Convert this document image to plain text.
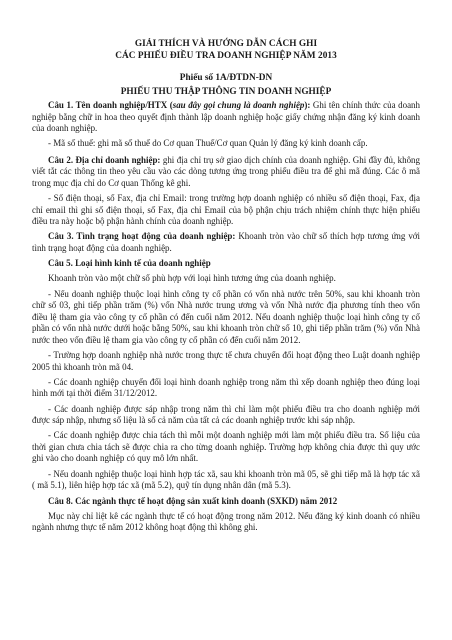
GIẢI THÍCH VÀ HƯỚNG DẪN CÁCH GHI
CÁC PHIẾU ĐIỀU TRA DOANH NGHIỆP NĂM 2013
Phiếu số 1A/ĐTDN-DN
PHIẾU THU THẬP THÔNG TIN DOANH NGHIỆP

Câu 1. Tên doanh nghiệp/HTX (sau đây gọi chung là doanh nghiệp): Ghi tên chính thức của doanh nghiệp bằng chữ in hoa theo quyết định thành lập doanh nghiệp hoặc giấy chứng nhận đăng ký kinh doanh của doanh nghiệp.

- Mã số thuế: ghi mã số thuế do Cơ quan Thuế/Cơ quan Quản lý đăng ký kinh doanh cấp.

Câu 2. Địa chỉ doanh nghiệp: ghi địa chỉ trụ sở giao dịch chính của doanh nghiệp. Ghi đầy đủ, không viết tắt các thông tin theo yêu cầu vào các dòng tương ứng trong phiếu điều tra để ghi mã đúng. Các ô mã trong mục địa chỉ do Cơ quan Thống kê ghi.

- Số điện thoại, số Fax, địa chỉ Email: trong trường hợp doanh nghiệp có nhiều số điện thoại, Fax, địa chỉ email thì ghi số điện thoại, số Fax, địa chỉ Email của bộ phận chịu trách nhiệm chính thực hiện phiếu điều tra này hoặc bộ phận hành chính của doanh nghiệp.

Câu 3. Tình trạng hoạt động của doanh nghiệp: Khoanh tròn vào chữ số thích hợp tương ứng với tình trạng hoạt động của doanh nghiệp.

Câu 5. Loại hình kinh tế của doanh nghiệp

Khoanh tròn vào một chữ số phù hợp với loại hình tương ứng của doanh nghiệp.

- Nếu doanh nghiệp thuộc loại hình công ty cổ phần có vốn nhà nước trên 50%, sau khi khoanh tròn chữ số 03, ghi tiếp phần trăm (%) vốn Nhà nước trung ương và vốn Nhà nước địa phương tính theo vốn điều lệ tham gia vào công ty cổ phần có đến cuối năm 2012. Nếu doanh nghiệp thuộc loại hình công ty cổ phần có vốn nhà nước dưới hoặc bằng 50%, sau khi khoanh tròn chữ số 10, ghi tiếp phần trăm (%) vốn Nhà nước theo vốn điều lệ tham gia vào công ty cổ phần có đến cuối năm 2012.

- Trường hợp doanh nghiệp nhà nước trong thực tế chưa chuyển đổi hoạt động theo Luật doanh nghiệp 2005 thì khoanh tròn mã 04.

- Các doanh nghiệp chuyển đổi loại hình doanh nghiệp trong năm thì xếp doanh nghiệp theo đúng loại hình mới tại thời điểm 31/12/2012.

- Các doanh nghiệp được sáp nhập trong năm thì chỉ làm một phiếu điều tra cho doanh nghiệp mới được sáp nhập, nhưng số liệu là số cả năm của tất cả các doanh nghiệp trước khi sáp nhập.

- Các doanh nghiệp được chia tách thì mỗi một doanh nghiệp mới làm một phiếu điều tra. Số liệu của thời gian chưa chia tách sẽ được chia ra cho từng doanh nghiệp. Trường hợp không chia được thì quy ước ghi vào cho doanh nghiệp có quy mô lớn nhất.

- Nếu doanh nghiệp thuộc loại hình hợp tác xã, sau khi khoanh tròn mã 05, sẽ ghi tiếp mã là hợp tác xã ( mã 5.1), liên hiệp hợp tác xã (mã 5.2), quỹ tín dụng nhân dân (mã 5.3).

Câu 8. Các ngành thực tế hoạt động sản xuất kinh doanh (SXKD) năm 2012

Mục này chỉ liệt kê các ngành thực tế có hoạt động trong năm 2012. Nếu đăng ký kinh doanh có nhiều ngành nhưng thực tế năm 2012 không hoạt động thì không ghi.
